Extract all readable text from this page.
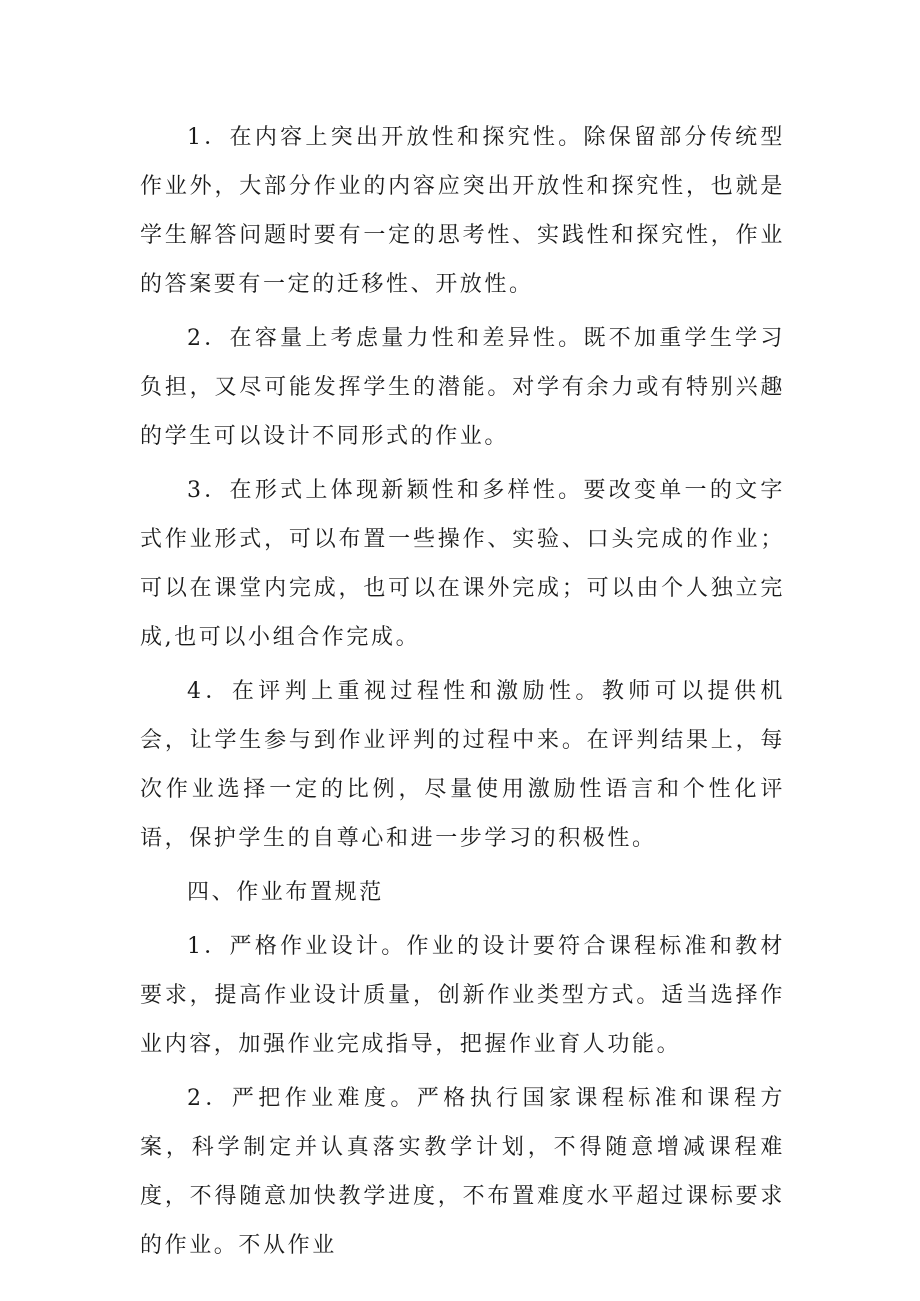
1．在内容上突出开放性和探究性。除保留部分传统型作业外，大部分作业的内容应突出开放性和探究性，也就是学生解答问题时要有一定的思考性、实践性和探究性，作业的答案要有一定的迁移性、开放性。

2．在容量上考虑量力性和差异性。既不加重学生学习负担，又尽可能发挥学生的潜能。对学有余力或有特别兴趣的学生可以设计不同形式的作业。

3．在形式上体现新颖性和多样性。要改变单一的文字式作业形式，可以布置一些操作、实验、口头完成的作业；可以在课堂内完成，也可以在课外完成；可以由个人独立完成,也可以小组合作完成。

4．在评判上重视过程性和激励性。教师可以提供机会，让学生参与到作业评判的过程中来。在评判结果上，每次作业选择一定的比例，尽量使用激励性语言和个性化评语，保护学生的自尊心和进一步学习的积极性。

四、作业布置规范

1．严格作业设计。作业的设计要符合课程标准和教材要求，提高作业设计质量，创新作业类型方式。适当选择作业内容，加强作业完成指导，把握作业育人功能。

2．严把作业难度。严格执行国家课程标准和课程方案，科学制定并认真落实教学计划，不得随意增减课程难度，不得随意加快教学进度，不布置难度水平超过课标要求的作业。不从作业
